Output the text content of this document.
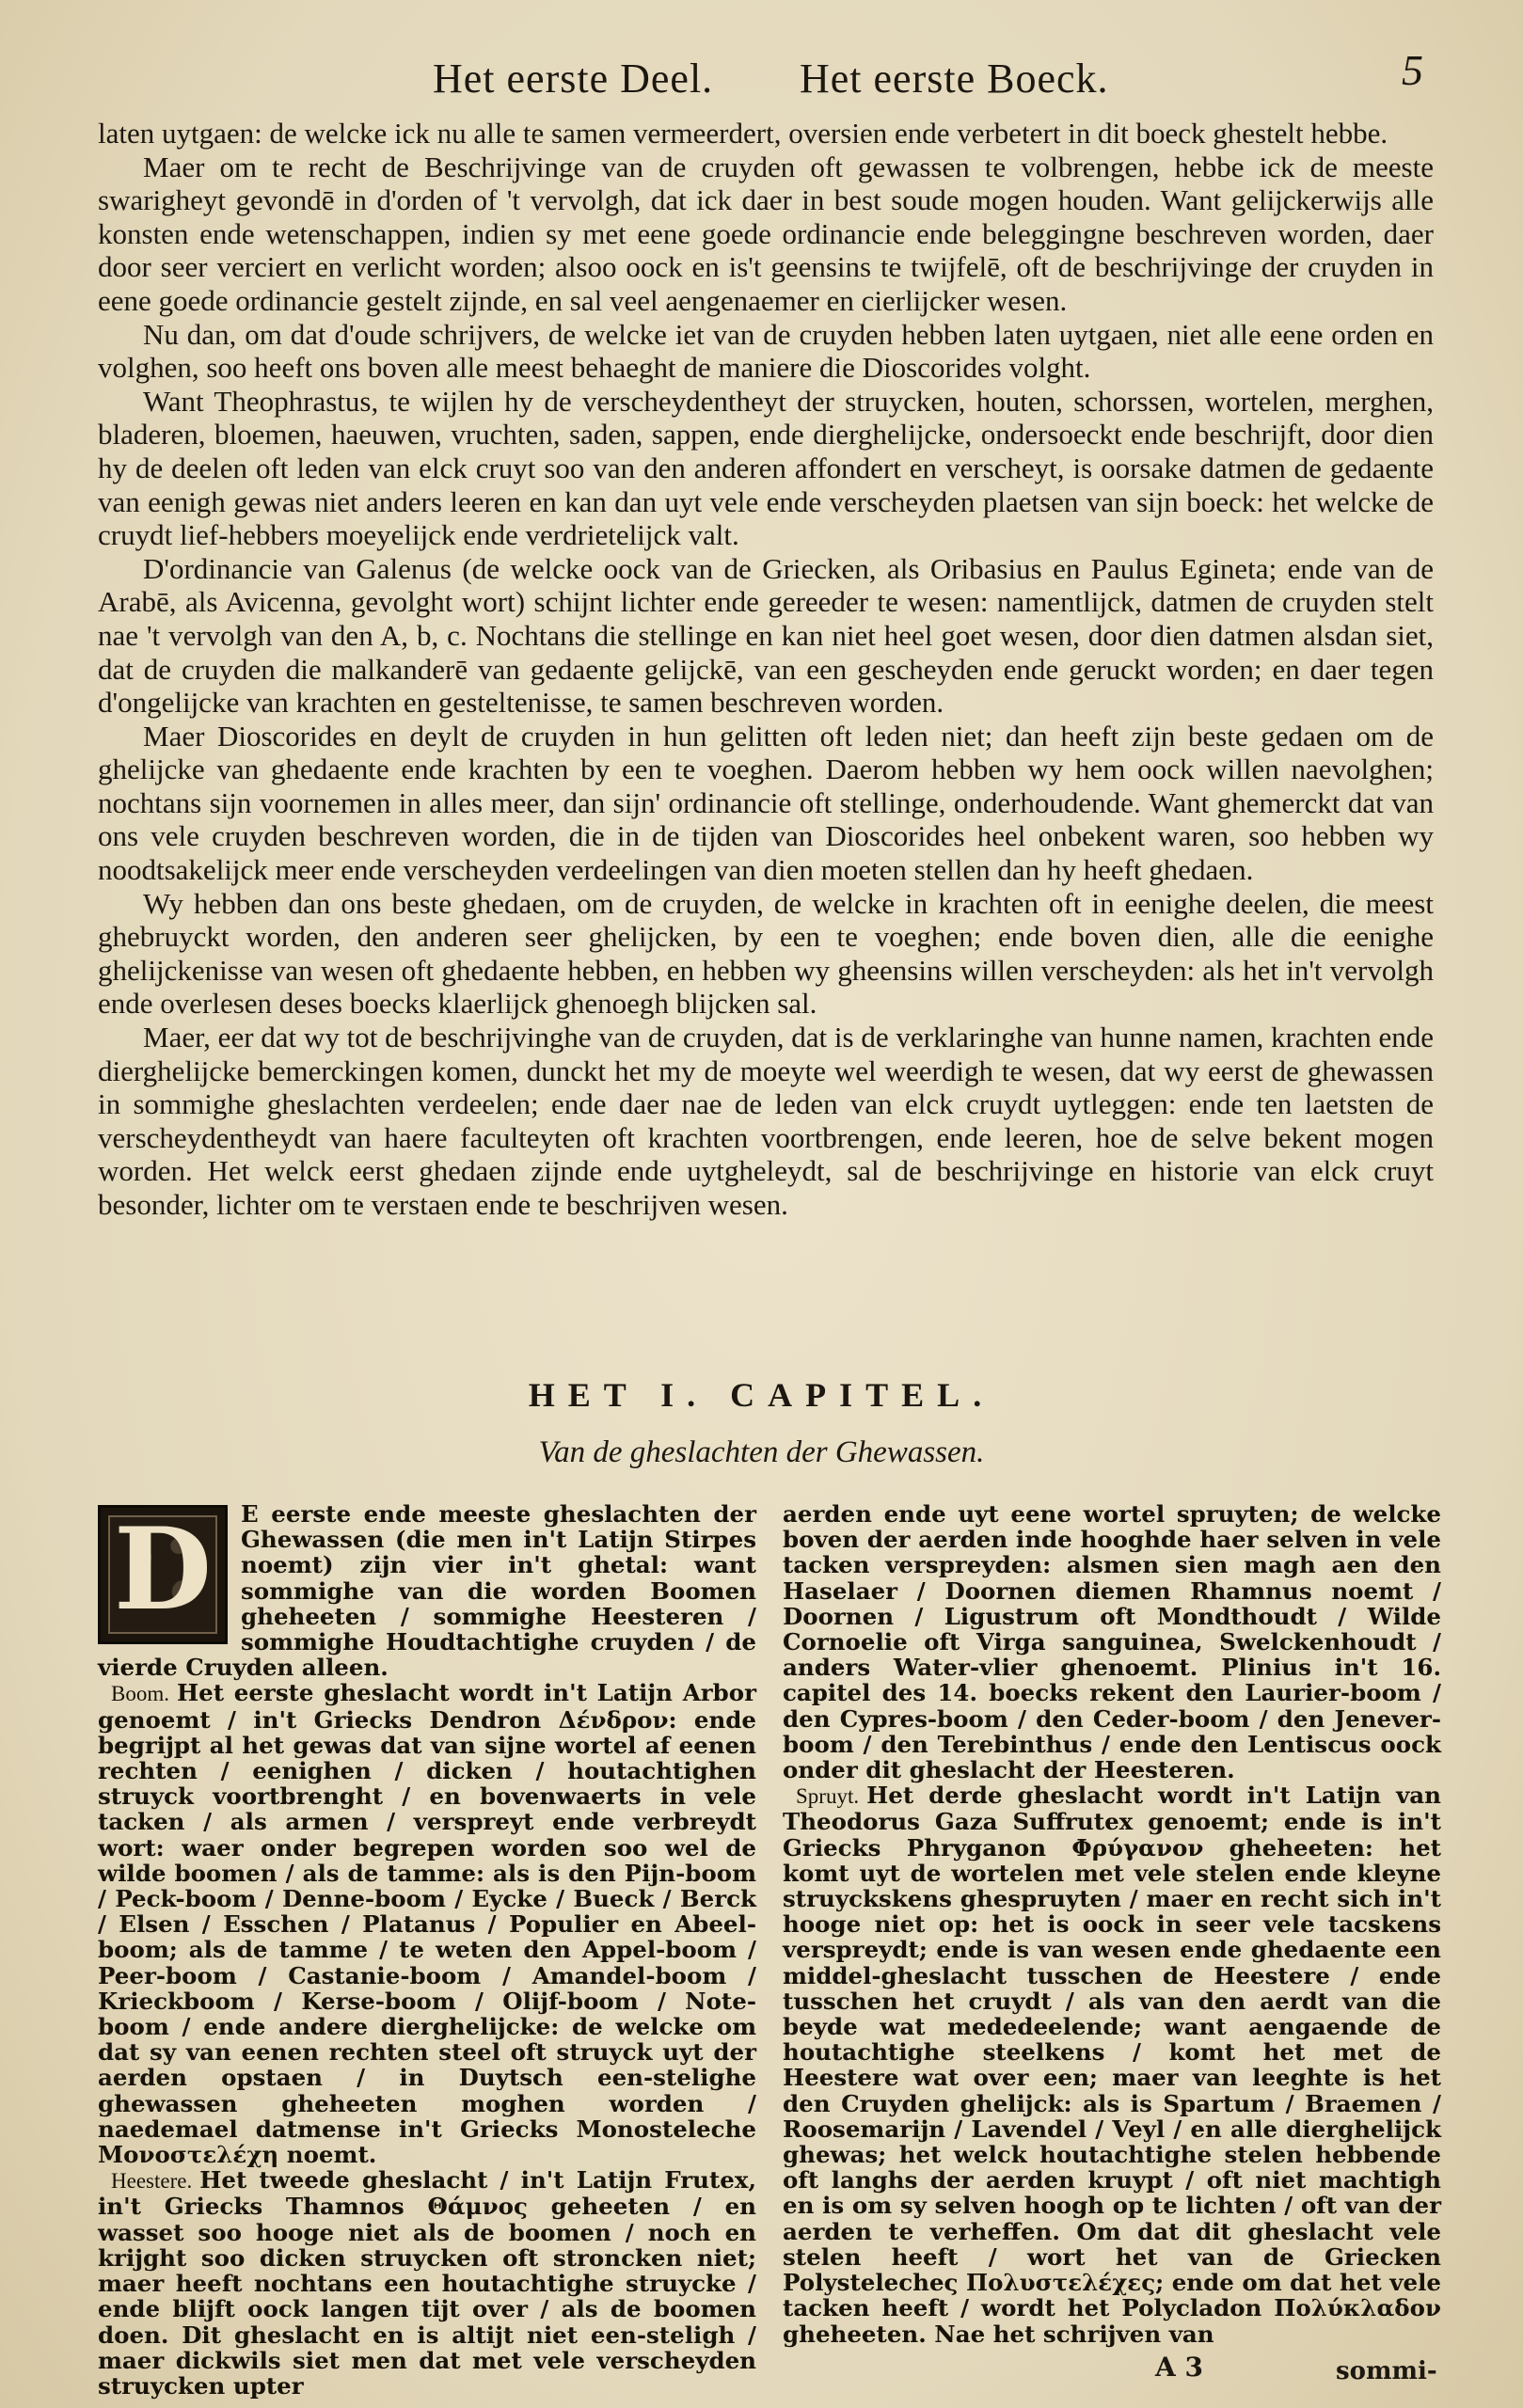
Het eerste Deel. Het eerste Boeck.	5

laten uytgaen: de welcke ick nu alle te samen vermeerdert, oversien ende verbetert in dit boeck ghestelt hebbe.

Maer om te recht de Beschrijvinge van de cruyden oft gewassen te volbrengen, hebbe ick de meeste swarigheyt gevondē in d'orden of 't vervolgh, dat ick daer in best soude mogen houden. Want gelijckerwijs alle konsten ende wetenschappen, indien sy met eene goede ordinancie ende beleggingne beschreven worden, daer door seer verciert en verlicht worden; alsoo oock en is't geensins te twijfelē, oft de beschrijvinge der cruyden in eene goede ordinancie gestelt zijnde, en sal veel aengenaemer en cierlijcker wesen.

Nu dan, om dat d'oude schrijvers, de welcke iet van de cruyden hebben laten uytgaen, niet alle eene orden en volghen, soo heeft ons boven alle meest behaeght de maniere die Dioscorides volght.

Want Theophrastus, te wijlen hy de verscheydentheyt der struycken, houten, schorssen, wortelen, merghen, bladeren, bloemen, haeuwen, vruchten, saden, sappen, ende dierghelijcke, ondersoeckt ende beschrijft, door dien hy de deelen oft leden van elck cruyt soo van den anderen affondert en verscheyt, is oorsake datmen de gedaente van eenigh gewas niet anders leeren en kan dan uyt vele ende verscheyden plaetsen van sijn boeck: het welcke de cruydt lief-hebbers moeyelijck ende verdrietelijck valt.

D'ordinancie van Galenus (de welcke oock van de Griecken, als Oribasius en Paulus Egineta; ende van de Arabē, als Avicenna, gevolght wort) schijnt lichter ende gereeder te wesen: namentlijck, datmen de cruyden stelt nae 't vervolgh van den A, b, c. Nochtans die stellinge en kan niet heel goet wesen, door dien datmen alsdan siet, dat de cruyden die malkanderē van gedaente gelijckē, van een gescheyden ende geruckt worden; en daer tegen d'ongelijcke van krachten en gesteltenisse, te samen beschreven worden.

Maer Dioscorides en deylt de cruyden in hun gelitten oft leden niet; dan heeft zijn beste gedaen om de ghelijcke van ghedaente ende krachten by een te voeghen. Daerom hebben wy hem oock willen naevolghen; nochtans sijn voornemen in alles meer, dan sijn' ordinancie oft stellinge, onderhoudende. Want ghemerckt dat van ons vele cruyden beschreven worden, die in de tijden van Dioscorides heel onbekent waren, soo hebben wy noodtsakelijck meer ende verscheyden verdeelingen van dien moeten stellen dan hy heeft ghedaen.

Wy hebben dan ons beste ghedaen, om de cruyden, de welcke in krachten oft in eenighe deelen, die meest ghebruyckt worden, den anderen seer ghelijcken, by een te voeghen; ende boven dien, alle die eenighe ghelijckenisse van wesen oft ghedaente hebben, en hebben wy gheensins willen verscheyden: als het in't vervolgh ende overlesen deses boecks klaerlijck ghenoegh blijcken sal.

Maer, eer dat wy tot de beschrijvinghe van de cruyden, dat is de verklaringhe van hunne namen, krachten ende dierghelijcke bemerckingen komen, dunckt het my de moeyte wel weerdigh te wesen, dat wy eerst de ghewassen in sommighe gheslachten verdeelen; ende daer nae de leden van elck cruydt uytleggen: ende ten laetsten de verscheydentheydt van haere faculteyten oft krachten voortbrengen, ende leeren, hoe de selve bekent mogen worden. Het welck eerst ghedaen zijnde ende uytgheleydt, sal de beschrijvinge en historie van elck cruyt besonder, lichter om te verstaen ende te beschrijven wesen.

HET I. CAPITEL.
Van de gheslachten der Ghewassen.
D	E eerste ende meeste gheslachten der Ghewassen (die men in't Latijn Stirpes noemt) zijn vier in't ghetal: want sommighe van die worden Boomen gheheeten / sommighe Heesteren / sommighe Houdtachtighe cruyden / de vierde Cruyden alleen.

Boom. Het eerste gheslacht wordt in't Latijn Arbor genoemt / in't Griecks Dendron Δένδρον: ende begrijpt al het gewas dat van sijne wortel af eenen rechten / eenighen / dicken / houtachtighen struyck voortbrenght / en bovenwaerts in vele tacken / als armen / verspreyt ende verbreydt wort: waer onder begrepen worden soo wel de wilde boomen / als de tamme: als is den Pijn-boom / Peck-boom / Denne-boom / Eycke / Bueck / Berck / Elsen / Esschen / Platanus / Populier en Abeel-boom; als de tamme / te weten den Appel-boom / Peer-boom / Castanie-boom / Amandel-boom / Krieckboom / Kerse-boom / Olijf-boom / Note-boom / ende andere dierghelijcke: de welcke om dat sy van eenen rechten steel oft struyck uyt der aerden opstaen / in Duytsch een-stelighe ghewassen gheheeten moghen worden / naedemael datmense in't Griecks Monosteleche Μονοστελέχη noemt.

Heestere. Het tweede gheslacht / in't Latijn Frutex, in't Griecks Thamnos Θάμνος geheeten / en wasset soo hooge niet als de boomen / noch en krijght soo dicken struycken oft stroncken niet; maer heeft nochtans een houtachtighe struycke / ende blijft oock langen tijt over / als de boomen doen. Dit gheslacht en is altijt niet een-steligh / maer dickwils siet men dat met vele verscheyden struycken upter

aerden ende uyt eene wortel spruyten; de welcke boven der aerden inde hooghde haer selven in vele tacken verspreyden: alsmen sien magh aen den Haselaer / Doornen diemen Rhamnus noemt / Doornen / Ligustrum oft Mondthoudt / Wilde Cornoelie oft Virga sanguinea, Swelckenhoudt / anders Water-vlier ghenoemt. Plinius in't 16. capitel des 14. boecks rekent den Laurier-boom / den Cypres-boom / den Ceder-boom / den Jenever-boom / den Terebinthus / ende den Lentiscus oock onder dit gheslacht der Heesteren.

Spruyt. Het derde gheslacht wordt in't Latijn van Theodorus Gaza Suffrutex genoemt; ende is in't Griecks Phryganon Φρύγανον gheheeten: het komt uyt de wortelen met vele stelen ende kleyne struyckskens ghespruyten / maer en recht sich in't hooge niet op: het is oock in seer vele tacskens verspreydt; ende is van wesen ende ghedaente een middel-gheslacht tusschen de Heestere / ende tusschen het cruydt / als van den aerdt van die beyde wat mededeelende; want aengaende de houtachtighe steelkens / komt het met de Heestere wat over een; maer van leeghte is het den Cruyden ghelijck: als is Spartum / Braemen / Roosemarijn / Lavendel / Veyl / en alle dierghelijck ghewas; het welck houtachtighe stelen hebbende oft langhs der aerden kruypt / oft niet machtigh en is om sy selven hoogh op te lichten / oft van der aerden te verheffen. Om dat dit gheslacht vele stelen heeft / wort het van de Griecken Polystelecheς Πολυστελέχες; ende om dat het vele tacken heeft / wordt het Polycladon Πολύκλαδον gheheeten. Nae het schrijven van

A 3	sommi-
